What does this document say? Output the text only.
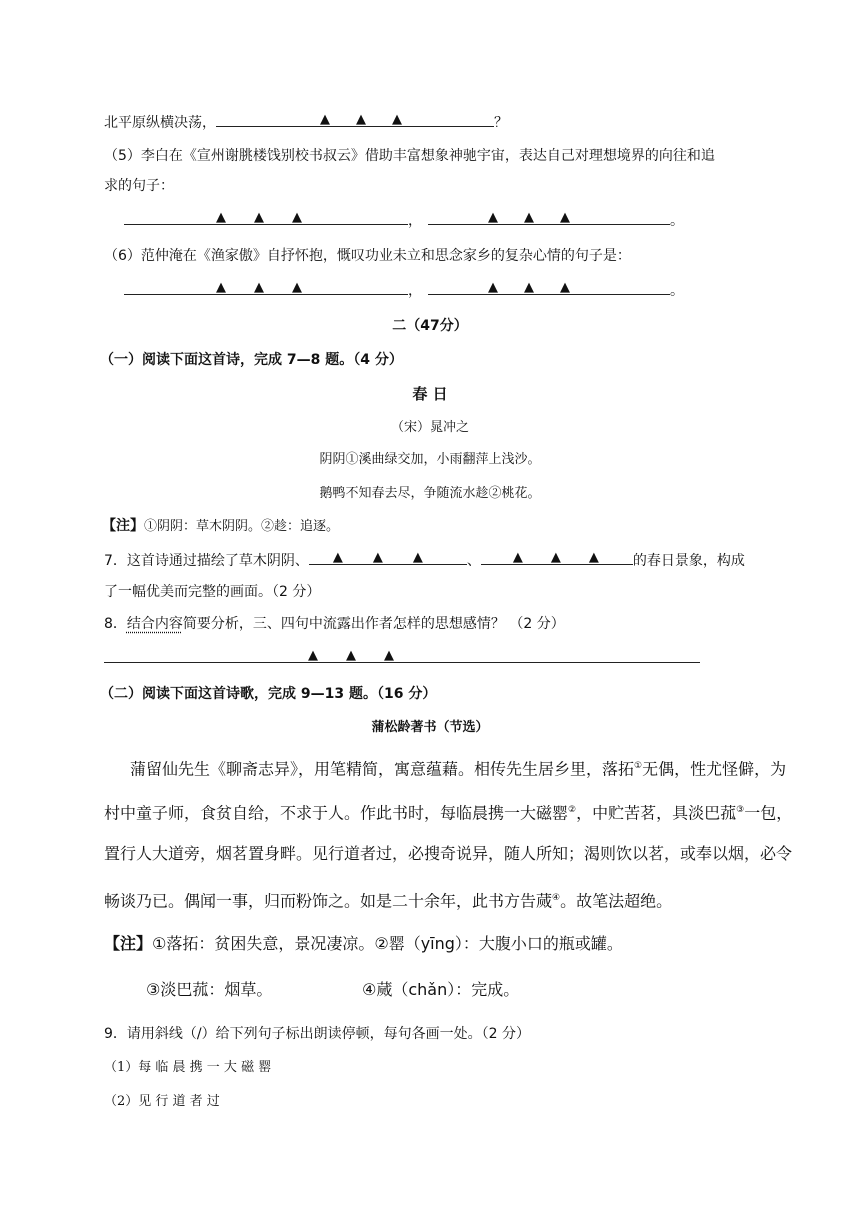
北平原纵横决荡，	▲ ▲ ▲	？
（5）李白在《宣州谢朓楼饯别校书叔云》借助丰富想象神驰宇宙，表达自己对理想境界的向往和追
求的句子：
▲ ▲ ▲	，	▲ ▲ ▲	。
（6）范仲淹在《渔家傲》自抒怀抱，慨叹功业未立和思念家乡的复杂心情的句子是：
▲ ▲ ▲	，	▲ ▲ ▲	。
二（47分）
（一）阅读下面这首诗，完成 7—8 题。（4 分）
春 日
（宋）晁冲之
阴阴①溪曲绿交加，小雨翻萍上浅沙。
鹅鸭不知春去尽，争随流水趁②桃花。
【注】①阴阴：草木阴阴。②趁：追逐。
7．这首诗通过描绘了草木阴阴、 ▲ ▲ ▲	、 ▲ ▲ ▲ 的春日景象，构成
了一幅优美而完整的画面。（2 分）
8．结合内容简要分析，三、四句中流露出作者怎样的思想感情？ （2 分）
▲ ▲ ▲
（二）阅读下面这首诗歌，完成 9—13 题。（16 分）
蒲松龄著书（节选）
蒲留仙先生《聊斋志异》，用笔精简，寓意蕴藉。相传先生居乡里，落拓①无偶，性尤怪僻，为
村中童子师，食贫自给，不求于人。作此书时，每临晨携一大磁罂②，中贮苦茗，具淡巴菰③一包，
置行人大道旁，烟茗置身畔。见行道者过，必搜奇说异，随人所知；渴则饮以茗，或奉以烟，必令
畅谈乃已。偶闻一事，归而粉饰之。如是二十余年，此书方告蒇④。故笔法超绝。
【注】①落拓：贫困失意，景况凄凉。②罂（yīng）：大腹小口的瓶或罐。
③淡巴菰：烟草。	④蒇（chǎn）：完成。
9．请用斜线（/）给下列句子标出朗读停顿，每句各画一处。（2 分）
（1）每 临 晨 携 一 大 磁 罂
（2）见 行 道 者 过
